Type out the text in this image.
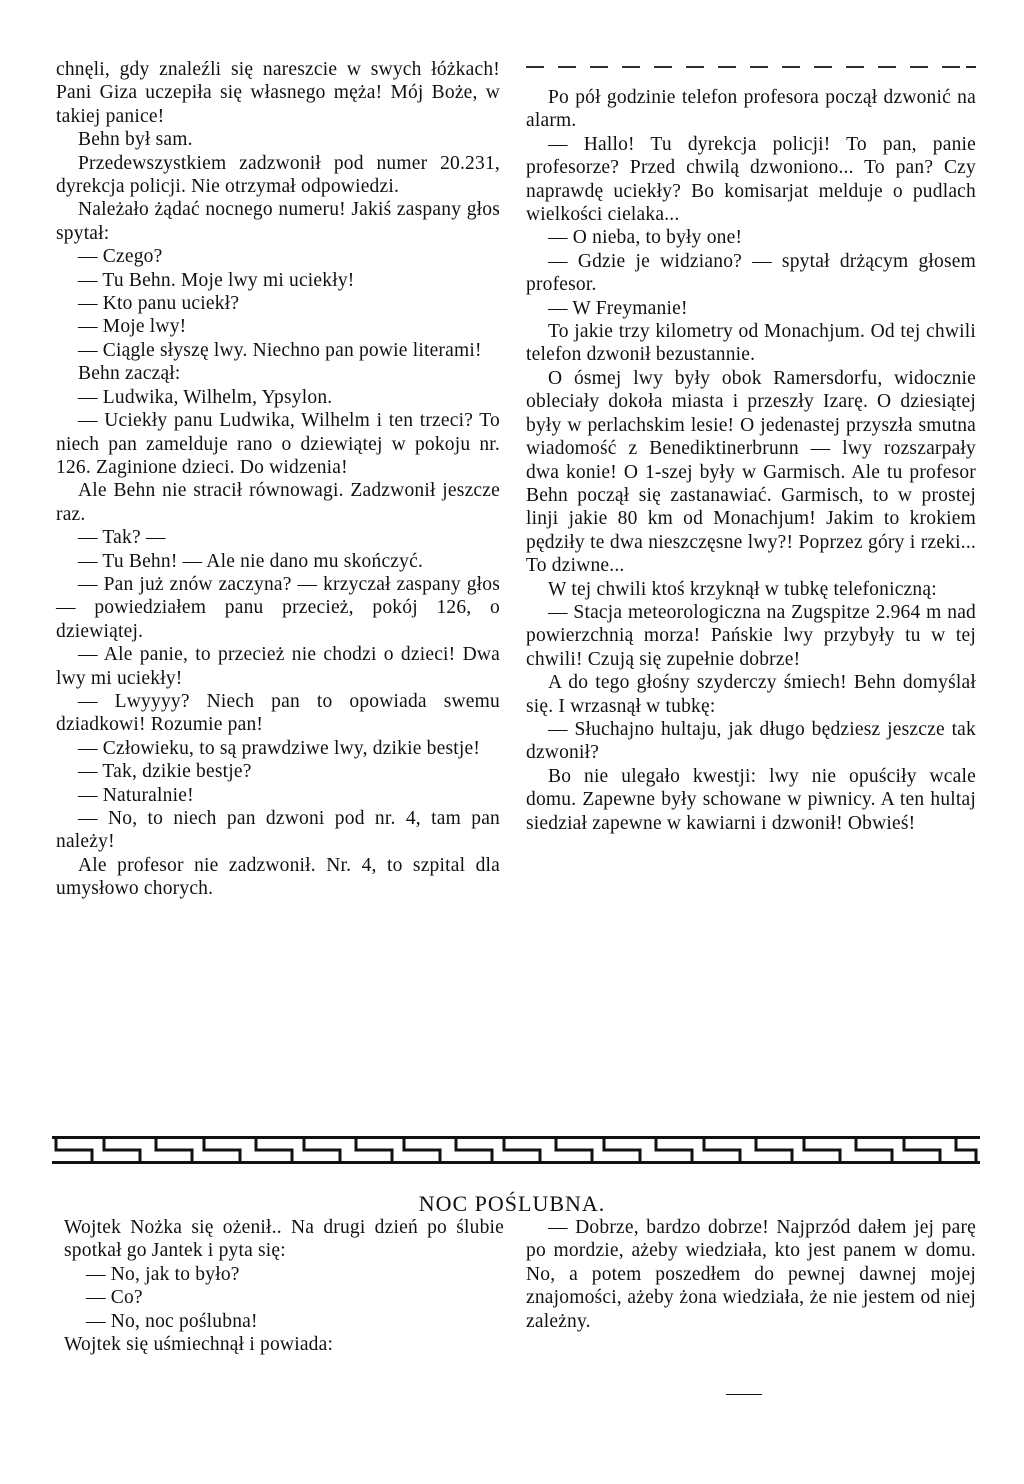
chnęli, gdy znaleźli się nareszcie w swych łóżkach! Pani Giza uczepiła się własnego męża! Mój Boże, w takiej panice!

Behn był sam.

Przedewszystkiem zadzwonił pod numer 20.231, dyrekcja policji. Nie otrzymał odpowiedzi.

Należało żądać nocnego numeru! Jakiś zaspany głos spytał:

— Czego?

— Tu Behn. Moje lwy mi uciekły!

— Kto panu uciekł?

— Moje lwy!

— Ciągle słyszę lwy. Niechno pan powie literami!

Behn zaczął:

— Ludwika, Wilhelm, Ypsylon.

— Uciekły panu Ludwika, Wilhelm i ten trzeci? To niech pan zamelduje rano o dziewiątej w pokoju nr. 126. Zaginione dzieci. Do widzenia!

Ale Behn nie stracił równowagi. Zadzwonił jeszcze raz.

— Tak? —

— Tu Behn! — Ale nie dano mu skończyć.

— Pan już znów zaczyna? — krzyczał zaspany głos — powiedziałem panu przecież, pokój 126, o dziewiątej.

— Ale panie, to przecież nie chodzi o dzieci! Dwa lwy mi uciekły!

— Lwyyyy? Niech pan to opowiada swemu dziadkowi! Rozumie pan!

— Człowieku, to są prawdziwe lwy, dzikie bestje!

— Tak, dzikie bestje?

— Naturalnie!

— No, to niech pan dzwoni pod nr. 4, tam pan należy!

Ale profesor nie zadzwonił. Nr. 4, to szpital dla umysłowo chorych.

Po pół godzinie telefon profesora począł dzwonić na alarm.

— Hallo! Tu dyrekcja policji! To pan, panie profesorze? Przed chwilą dzwoniono... To pan? Czy naprawdę uciekły? Bo komisarjat melduje o pudlach wielkości cielaka...

— O nieba, to były one!

— Gdzie je widziano? — spytał drżącym głosem profesor.

— W Freymanie!

To jakie trzy kilometry od Monachjum. Od tej chwili telefon dzwonił bezustannie.

O ósmej lwy były obok Ramersdorfu, widocznie obleciały dokoła miasta i przeszły Izarę. O dziesiątej były w perlachskim lesie! O jedenastej przyszła smutna wiadomość z Benediktinerbrunn — lwy rozszarpały dwa konie! O 1-szej były w Garmisch. Ale tu profesor Behn począł się zastanawiać. Garmisch, to w prostej linji jakie 80 km od Monachjum! Jakim to krokiem pędziły te dwa nieszczęsne lwy?! Poprzez góry i rzeki... To dziwne...

W tej chwili ktoś krzyknął w tubkę telefoniczną:

— Stacja meteorologiczna na Zugspitze 2.964 m nad powierzchnią morza! Pańskie lwy przybyły tu w tej chwili! Czują się zupełnie dobrze!

A do tego głośny szyderczy śmiech! Behn domyślał się. I wrzasnął w tubkę:

— Słuchajno hultaju, jak długo będziesz jeszcze tak dzwonił?

Bo nie ulegało kwestji: lwy nie opuściły wcale domu. Zapewne były schowane w piwnicy. A ten hultaj siedział zapewne w kawiarni i dzwonił! Obwieś!

NOC POŚLUBNA.

Wojtek Nożka się ożenił.. Na drugi dzień po ślubie spotkał go Jantek i pyta się:

— No, jak to było?

— Co?

— No, noc poślubna!

Wojtek się uśmiechnął i powiada:

— Dobrze, bardzo dobrze! Najprzód dałem jej parę po mordzie, ażeby wiedziała, kto jest panem w domu. No, a potem poszedłem do pewnej dawnej mojej znajomości, ażeby żona wiedziała, że nie jestem od niej zależny.
